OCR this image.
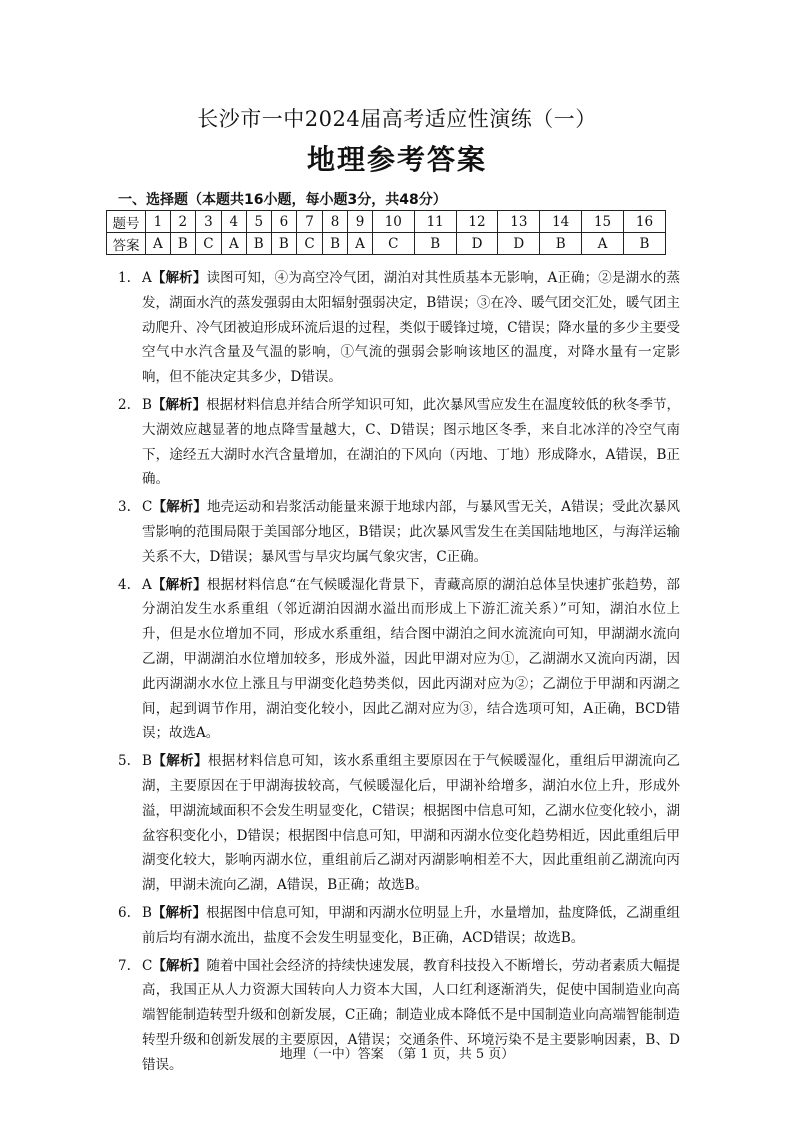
长沙市一中2024届高考适应性演练（一）
地理参考答案
一、选择题（本题共16小题，每小题3分，共48分）
题号	1	2	3	4	5	6	7	8	9	10	11	12	13	14	15	16
答案	A	B	C	A	B	B	C	B	A	C	B	D	D	B	A	B
1. A【解析】读图可知，④为高空冷气团，湖泊对其性质基本无影响，A正确；②是湖水的蒸发，湖面水汽的蒸发强弱由太阳辐射强弱决定，B错误；③在冷、暖气团交汇处，暖气团主动爬升、冷气团被迫形成环流后退的过程，类似于暖锋过境，C错误；降水量的多少主要受空气中水汽含量及气温的影响，①气流的强弱会影响该地区的温度，对降水量有一定影响，但不能决定其多少，D错误。
2. B【解析】根据材料信息并结合所学知识可知，此次暴风雪应发生在温度较低的秋冬季节，大湖效应越显著的地点降雪量越大，C、D错误；图示地区冬季，来自北冰洋的冷空气南下，途经五大湖时水汽含量增加，在湖泊的下风向（丙地、丁地）形成降水，A错误，B正确。
3. C【解析】地壳运动和岩浆活动能量来源于地球内部，与暴风雪无关，A错误；受此次暴风雪影响的范围局限于美国部分地区，B错误；此次暴风雪发生在美国陆地地区，与海洋运输关系不大，D错误；暴风雪与旱灾均属气象灾害，C正确。
4. A【解析】根据材料信息“在气候暖湿化背景下，青藏高原的湖泊总体呈快速扩张趋势，部分湖泊发生水系重组（邻近湖泊因湖水溢出而形成上下游汇流关系）”可知，湖泊水位上升，但是水位增加不同，形成水系重组，结合图中湖泊之间水流流向可知，甲湖湖水流向乙湖，甲湖湖泊水位增加较多，形成外溢，因此甲湖对应为①，乙湖湖水又流向丙湖，因此丙湖湖水水位上涨且与甲湖变化趋势类似，因此丙湖对应为②；乙湖位于甲湖和丙湖之间，起到调节作用，湖泊变化较小，因此乙湖对应为③，结合选项可知，A正确，BCD错误；故选A。
5. B【解析】根据材料信息可知，该水系重组主要原因在于气候暖湿化，重组后甲湖流向乙湖，主要原因在于甲湖海拔较高，气候暖湿化后，甲湖补给增多，湖泊水位上升，形成外溢，甲湖流域面积不会发生明显变化，C错误；根据图中信息可知，乙湖水位变化较小，湖盆容积变化小，D错误；根据图中信息可知，甲湖和丙湖水位变化趋势相近，因此重组后甲湖变化较大，影响丙湖水位，重组前后乙湖对丙湖影响相差不大，因此重组前乙湖流向丙湖，甲湖未流向乙湖，A错误，B正确；故选B。
6. B【解析】根据图中信息可知，甲湖和丙湖水位明显上升，水量增加，盐度降低，乙湖重组前后均有湖水流出，盐度不会发生明显变化，B正确，ACD错误；故选B。
7. C【解析】随着中国社会经济的持续快速发展，教育科技投入不断增长，劳动者素质大幅提高，我国正从人力资源大国转向人力资本大国，人口红利逐渐消失，促使中国制造业向高端智能制造转型升级和创新发展，C正确；制造业成本降低不是中国制造业向高端智能制造转型升级和创新发展的主要原因，A错误；交通条件、环境污染不是主要影响因素，B、D错误。
地理（一中）答案　（第 1 页，共 5 页）
